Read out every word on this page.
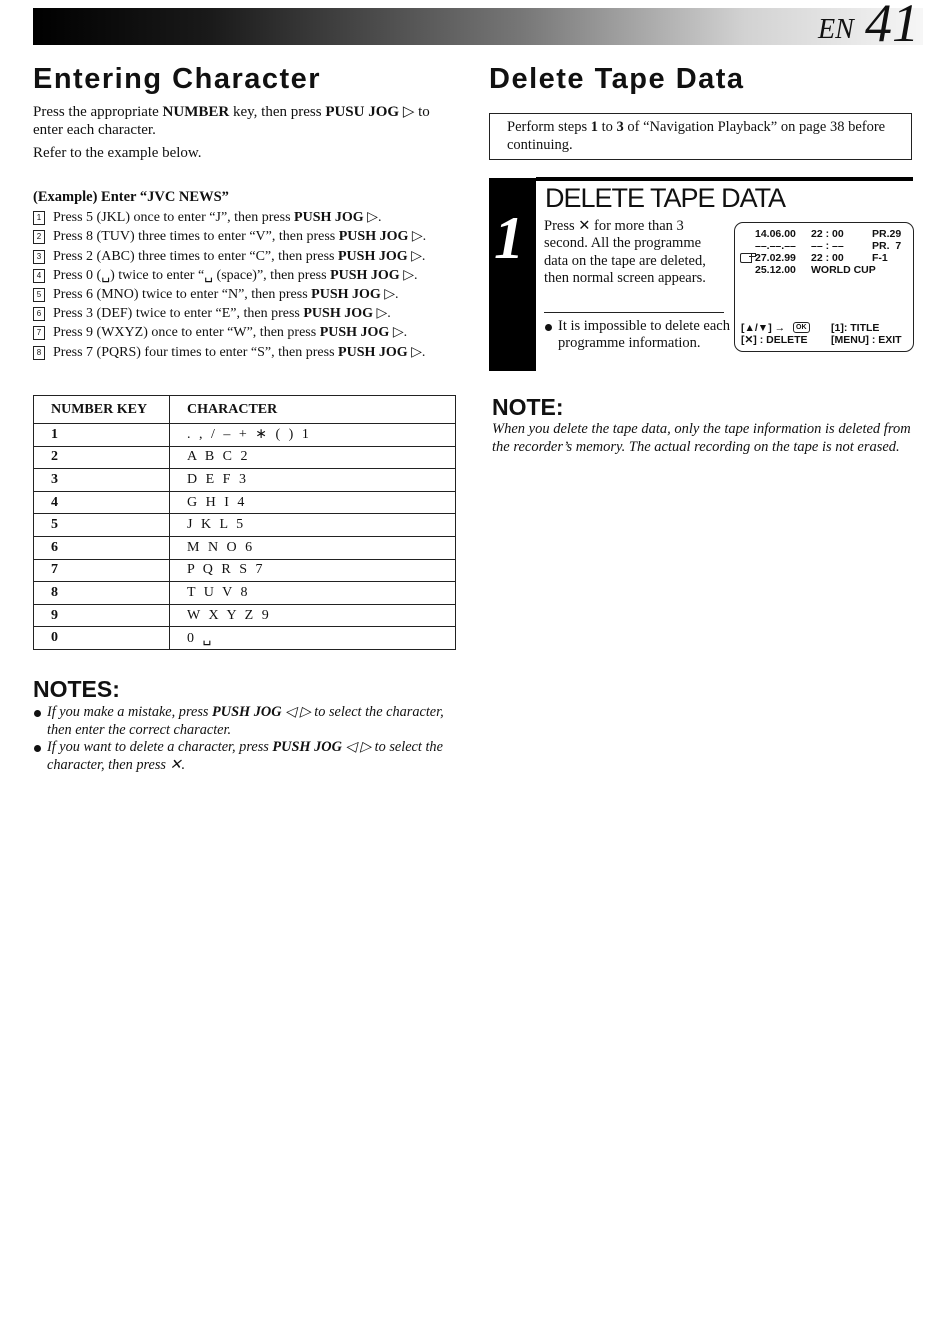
EN 41
Entering Character

Press the appropriate NUMBER key, then press PUSU JOG ▷ to enter each character.

Refer to the example below.

(Example) Enter “JVC NEWS”
1 Press 5 (JKL) once to enter “J”, then press PUSH JOG ▷.
2 Press 8 (TUV) three times to enter “V”, then press PUSH JOG ▷.
3 Press 2 (ABC) three times to enter “C”, then press PUSH JOG ▷.
4 Press 0 (␣) twice to enter “␣ (space)”, then press PUSH JOG ▷.
5 Press 6 (MNO) twice to enter “N”, then press PUSH JOG ▷.
6 Press 3 (DEF) twice to enter “E”, then press PUSH JOG ▷.
7 Press 9 (WXYZ) once to enter “W”, then press PUSH JOG ▷.
8 Press 7 (PQRS) four times to enter “S”, then press PUSH JOG ▷.
NUMBER KEY	CHARACTER
1	. , / – + ∗ ( ) 1
2	A B C 2
3	D E F 3
4	G H I 4
5	J K L 5
6	M N O 6
7	P Q R S 7
8	T U V 8
9	W X Y Z 9
0	0 ␣
NOTES:
If you make a mistake, press PUSH JOG ◁ ▷ to select the character, then enter the correct character.
If you want to delete a character, press PUSH JOG ◁ ▷ to select the character, then press ✕.
Delete Tape Data
Perform steps 1 to 3 of “Navigation Playback” on page 38 before continuing.
1
DELETE TAPE DATA
Press ✕ for more than 3 second. All the programme data on the tape are deleted, then normal screen appears.
It is impossible to delete each programme information.
14.06.00 22 : 00	PR.29
––.––.–– –– : ––	PR.  7
27.02.99 22 : 00	F-1
25.12.00 WORLD CUP
[▲/▼] →	OK [1]: TITLE
[✕] : DELETE [MENU] : EXIT
NOTE:
When you delete the tape data, only the tape information is deleted from the recorder’s memory. The actual recording on the tape is not erased.
